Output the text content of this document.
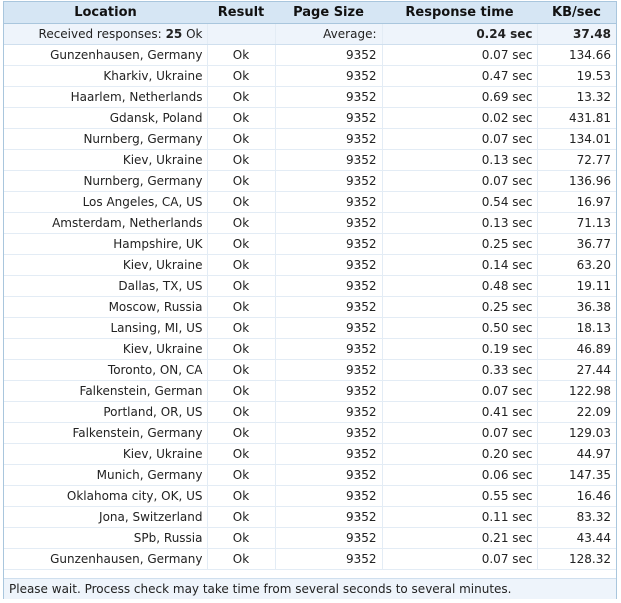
Location	Result	Page Size	Response time	KB/sec
Received responses: 25 Ok		Average:	0.24 sec	37.48
Gunzenhausen, Germany	Ok	9352	0.07 sec	134.66
Kharkiv, Ukraine	Ok	9352	0.47 sec	19.53
Haarlem, Netherlands	Ok	9352	0.69 sec	13.32
Gdansk, Poland	Ok	9352	0.02 sec	431.81
Nurnberg, Germany	Ok	9352	0.07 sec	134.01
Kiev, Ukraine	Ok	9352	0.13 sec	72.77
Nurnberg, Germany	Ok	9352	0.07 sec	136.96
Los Angeles, CA, US	Ok	9352	0.54 sec	16.97
Amsterdam, Netherlands	Ok	9352	0.13 sec	71.13
Hampshire, UK	Ok	9352	0.25 sec	36.77
Kiev, Ukraine	Ok	9352	0.14 sec	63.20
Dallas, TX, US	Ok	9352	0.48 sec	19.11
Moscow, Russia	Ok	9352	0.25 sec	36.38
Lansing, MI, US	Ok	9352	0.50 sec	18.13
Kiev, Ukraine	Ok	9352	0.19 sec	46.89
Toronto, ON, CA	Ok	9352	0.33 sec	27.44
Falkenstein, German	Ok	9352	0.07 sec	122.98
Portland, OR, US	Ok	9352	0.41 sec	22.09
Falkenstein, Germany	Ok	9352	0.07 sec	129.03
Kiev, Ukraine	Ok	9352	0.20 sec	44.97
Munich, Germany	Ok	9352	0.06 sec	147.35
Oklahoma city, OK, US	Ok	9352	0.55 sec	16.46
Jona, Switzerland	Ok	9352	0.11 sec	83.32
SPb, Russia	Ok	9352	0.21 sec	43.44
Gunzenhausen, Germany	Ok	9352	0.07 sec	128.32
Please wait. Process check may take time from several seconds to several minutes.
